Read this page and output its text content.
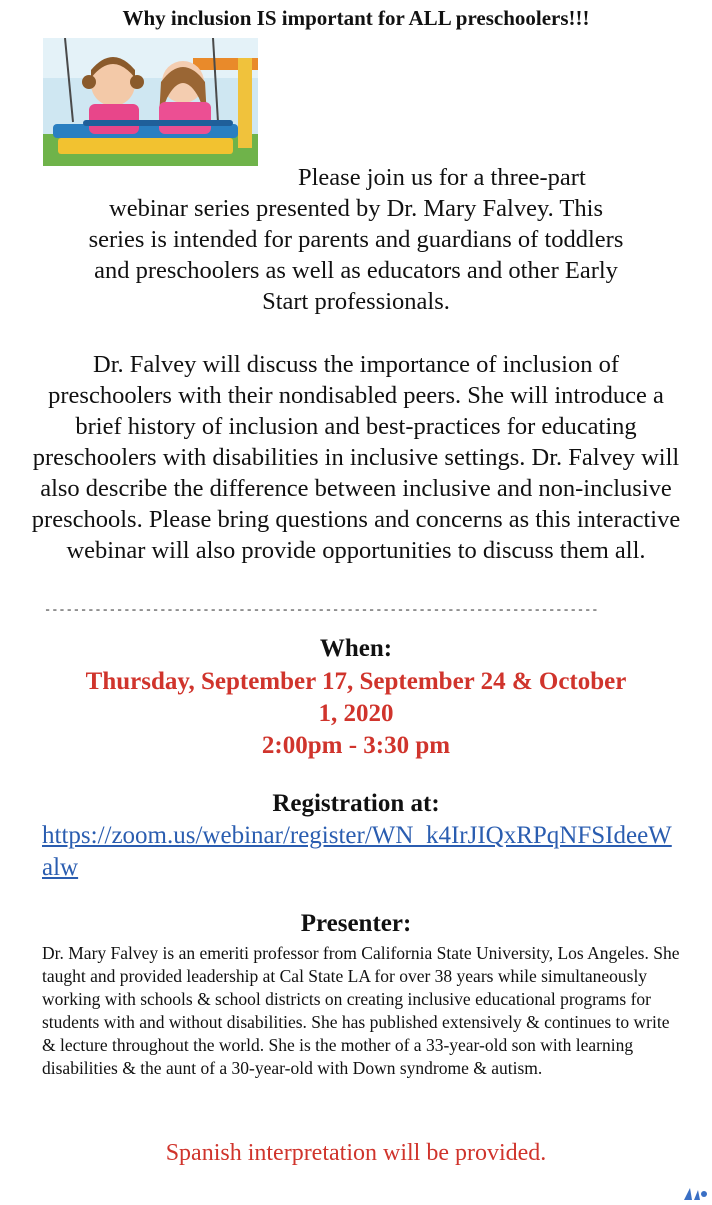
Why inclusion IS important for ALL preschoolers!!!
Please join us for a three-part
webinar series presented by Dr. Mary Falvey. This
series is intended for parents and guardians of toddlers
and preschoolers as well as educators and other Early
Start professionals.
Dr. Falvey will discuss the importance of inclusion of preschoolers with their nondisabled peers. She will introduce a brief history of inclusion and best-practices for educating preschoolers with disabilities in inclusive settings. Dr. Falvey will also describe the difference between inclusive and non-inclusive preschools. Please bring questions and concerns as this interactive webinar will also provide opportunities to discuss them all.
-----------------------------------------------------------------------------
When:
Thursday, September 17, September 24 & October
1, 2020
2:00pm - 3:30 pm
Registration at:
https://zoom.us/webinar/register/WN_k4IrJIQxRPqNFSIdeeWalw
Presenter:
Dr. Mary Falvey is an emeriti professor from California State University, Los Angeles. She taught and provided leadership at Cal State LA for over 38 years while simultaneously working with schools & school districts on creating inclusive educational programs for students with and without disabilities. She has published extensively & continues to write & lecture throughout the world. She is the mother of a 33-year-old son with learning disabilities & the aunt of a 30-year-old with Down syndrome & autism.
Spanish interpretation will be provided.
